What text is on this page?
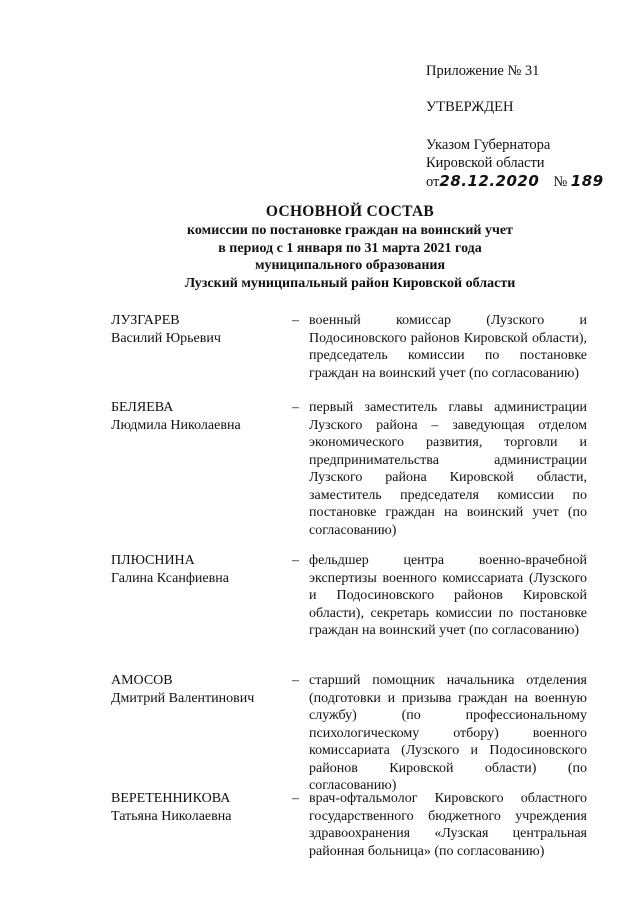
Приложение № 31
УТВЕРЖДЕН
Указом Губернатора
Кировской области
от28.12.2020 № 189
ОСНОВНОЙ СОСТАВ
комиссии по постановке граждан на воинский учет
в период с 1 января по 31 марта 2021 года
муниципального образования
Лузский муниципальный район Кировской области
ЛУЗГАРЕВ
Василий Юрьевич
– военный комиссар (Лузского и Подосиновского районов Кировской области), председатель комиссии по постановке граждан на воинский учет (по согласованию)
БЕЛЯЕВА
Людмила Николаевна
– первый заместитель главы администрации Лузского района – заведующая отделом экономического развития, торговли и предпринимательства администрации Лузского района Кировской области, заместитель председателя комиссии по постановке граждан на воинский учет (по согласованию)
ПЛЮСНИНА
Галина Ксанфиевна
– фельдшер центра военно-врачебной экспертизы военного комиссариата (Лузского и Подосиновского районов Кировской области), секретарь комиссии по постановке граждан на воинский учет (по согласованию)
АМОСОВ
Дмитрий Валентинович
– старший помощник начальника отделения (подготовки и призыва граждан на военную службу) (по профессиональному психологическому отбору) военного комиссариата (Лузского и Подосиновского районов Кировской области) (по согласованию)
ВЕРЕТЕННИКОВА
Татьяна Николаевна
– врач-офтальмолог Кировского областного государственного бюджетного учреждения здравоохранения «Лузская центральная районная больница» (по согласованию)
